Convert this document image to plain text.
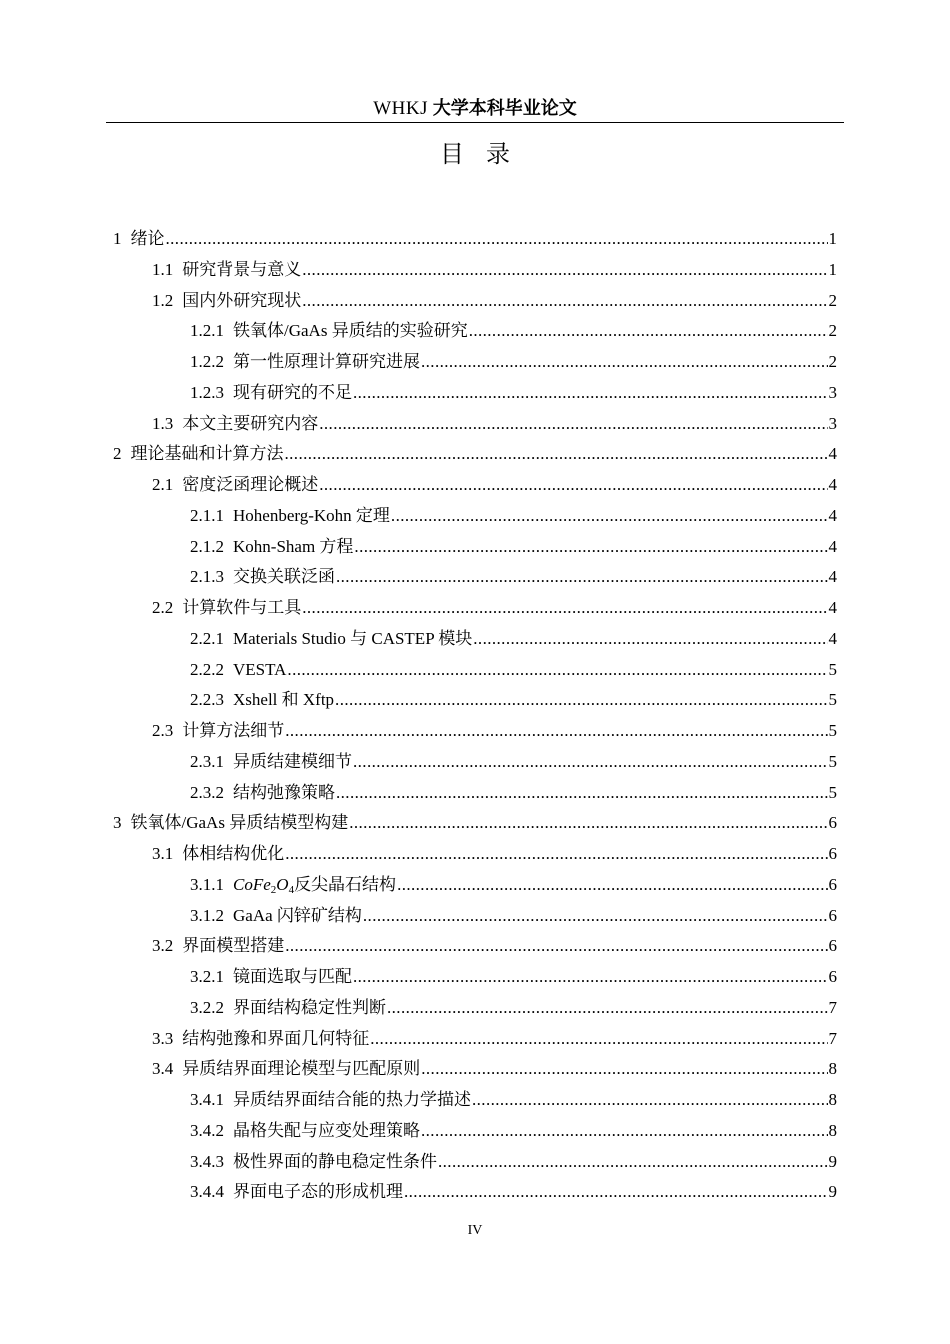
WHKJ 大学本科毕业论文
目录
1 绪论 .....	1
1.1 研究背景与意义 .....	1
1.2 国内外研究现状 .....	2
1.2.1 铁氧体/GaAs 异质结的实验研究 .....	2
1.2.2 第一性原理计算研究进展 .....	2
1.2.3 现有研究的不足 .....	3
1.3 本文主要研究内容 .....	3
2 理论基础和计算方法 .....	4
2.1 密度泛函理论概述 .....	4
2.1.1 Hohenberg-Kohn 定理 .....	4
2.1.2 Kohn-Sham 方程 .....	4
2.1.3 交换关联泛函 .....	4
2.2 计算软件与工具 .....	4
2.2.1 Materials Studio 与 CASTEP 模块 .....	4
2.2.2 VESTA .....	5
2.2.3 Xshell 和 Xftp .....	5
2.3 计算方法细节 .....	5
2.3.1 异质结建模细节 .....	5
2.3.2 结构弛豫策略 .....	5
3 铁氧体/GaAs 异质结模型构建 .....	6
3.1 体相结构优化 .....	6
3.1.1 $CoFe_2O_4$反尖晶石结构 .....	6
3.1.2 GaAa 闪锌矿结构 .....	6
3.2 界面模型搭建 .....	6
3.2.1 镜面选取与匹配 .....	6
3.2.2 界面结构稳定性判断 .....	7
3.3 结构弛豫和界面几何特征 .....	7
3.4 异质结界面理论模型与匹配原则 .....	8
3.4.1 异质结界面结合能的热力学描述 .....	8
3.4.2 晶格失配与应变处理策略 .....	8
3.4.3 极性界面的静电稳定性条件 .....	9
3.4.4 界面电子态的形成机理 .....	9
IV
